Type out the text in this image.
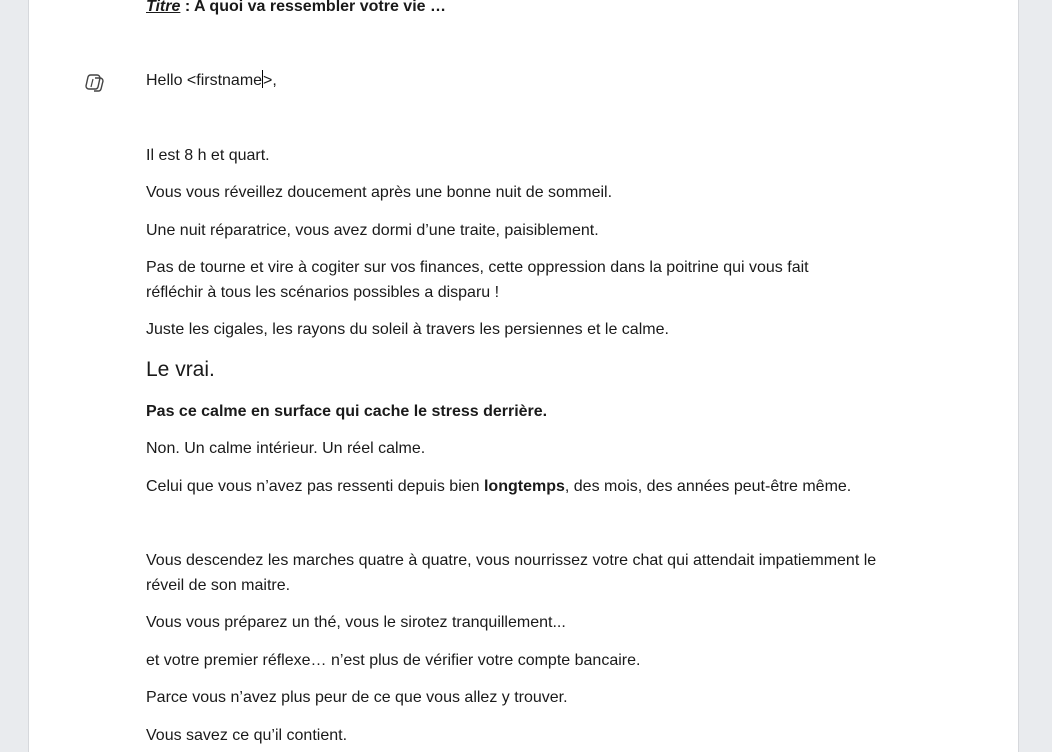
Titre : A quoi va ressembler votre vie …

Hello <firstname>,

Il est 8 h et quart.

Vous vous réveillez doucement après une bonne nuit de sommeil.

Une nuit réparatrice, vous avez dormi d’une traite, paisiblement.

Pas de tourne et vire à cogiter sur vos finances, cette oppression dans la poitrine qui vous fait réfléchir à tous les scénarios possibles a disparu !

Juste les cigales, les rayons du soleil à travers les persiennes et le calme.

Le vrai.

Pas ce calme en surface qui cache le stress derrière.

Non. Un calme intérieur. Un réel calme.

Celui que vous n’avez pas ressenti depuis bien longtemps, des mois, des années peut-être même.

Vous descendez les marches quatre à quatre, vous nourrissez votre chat qui attendait impatiemment le réveil de son maitre.

Vous vous préparez un thé, vous le sirotez tranquillement...

et votre premier réflexe… n’est plus de vérifier votre compte bancaire.

Parce vous n’avez plus peur de ce que vous allez y trouver.

Vous savez ce qu’il contient.
